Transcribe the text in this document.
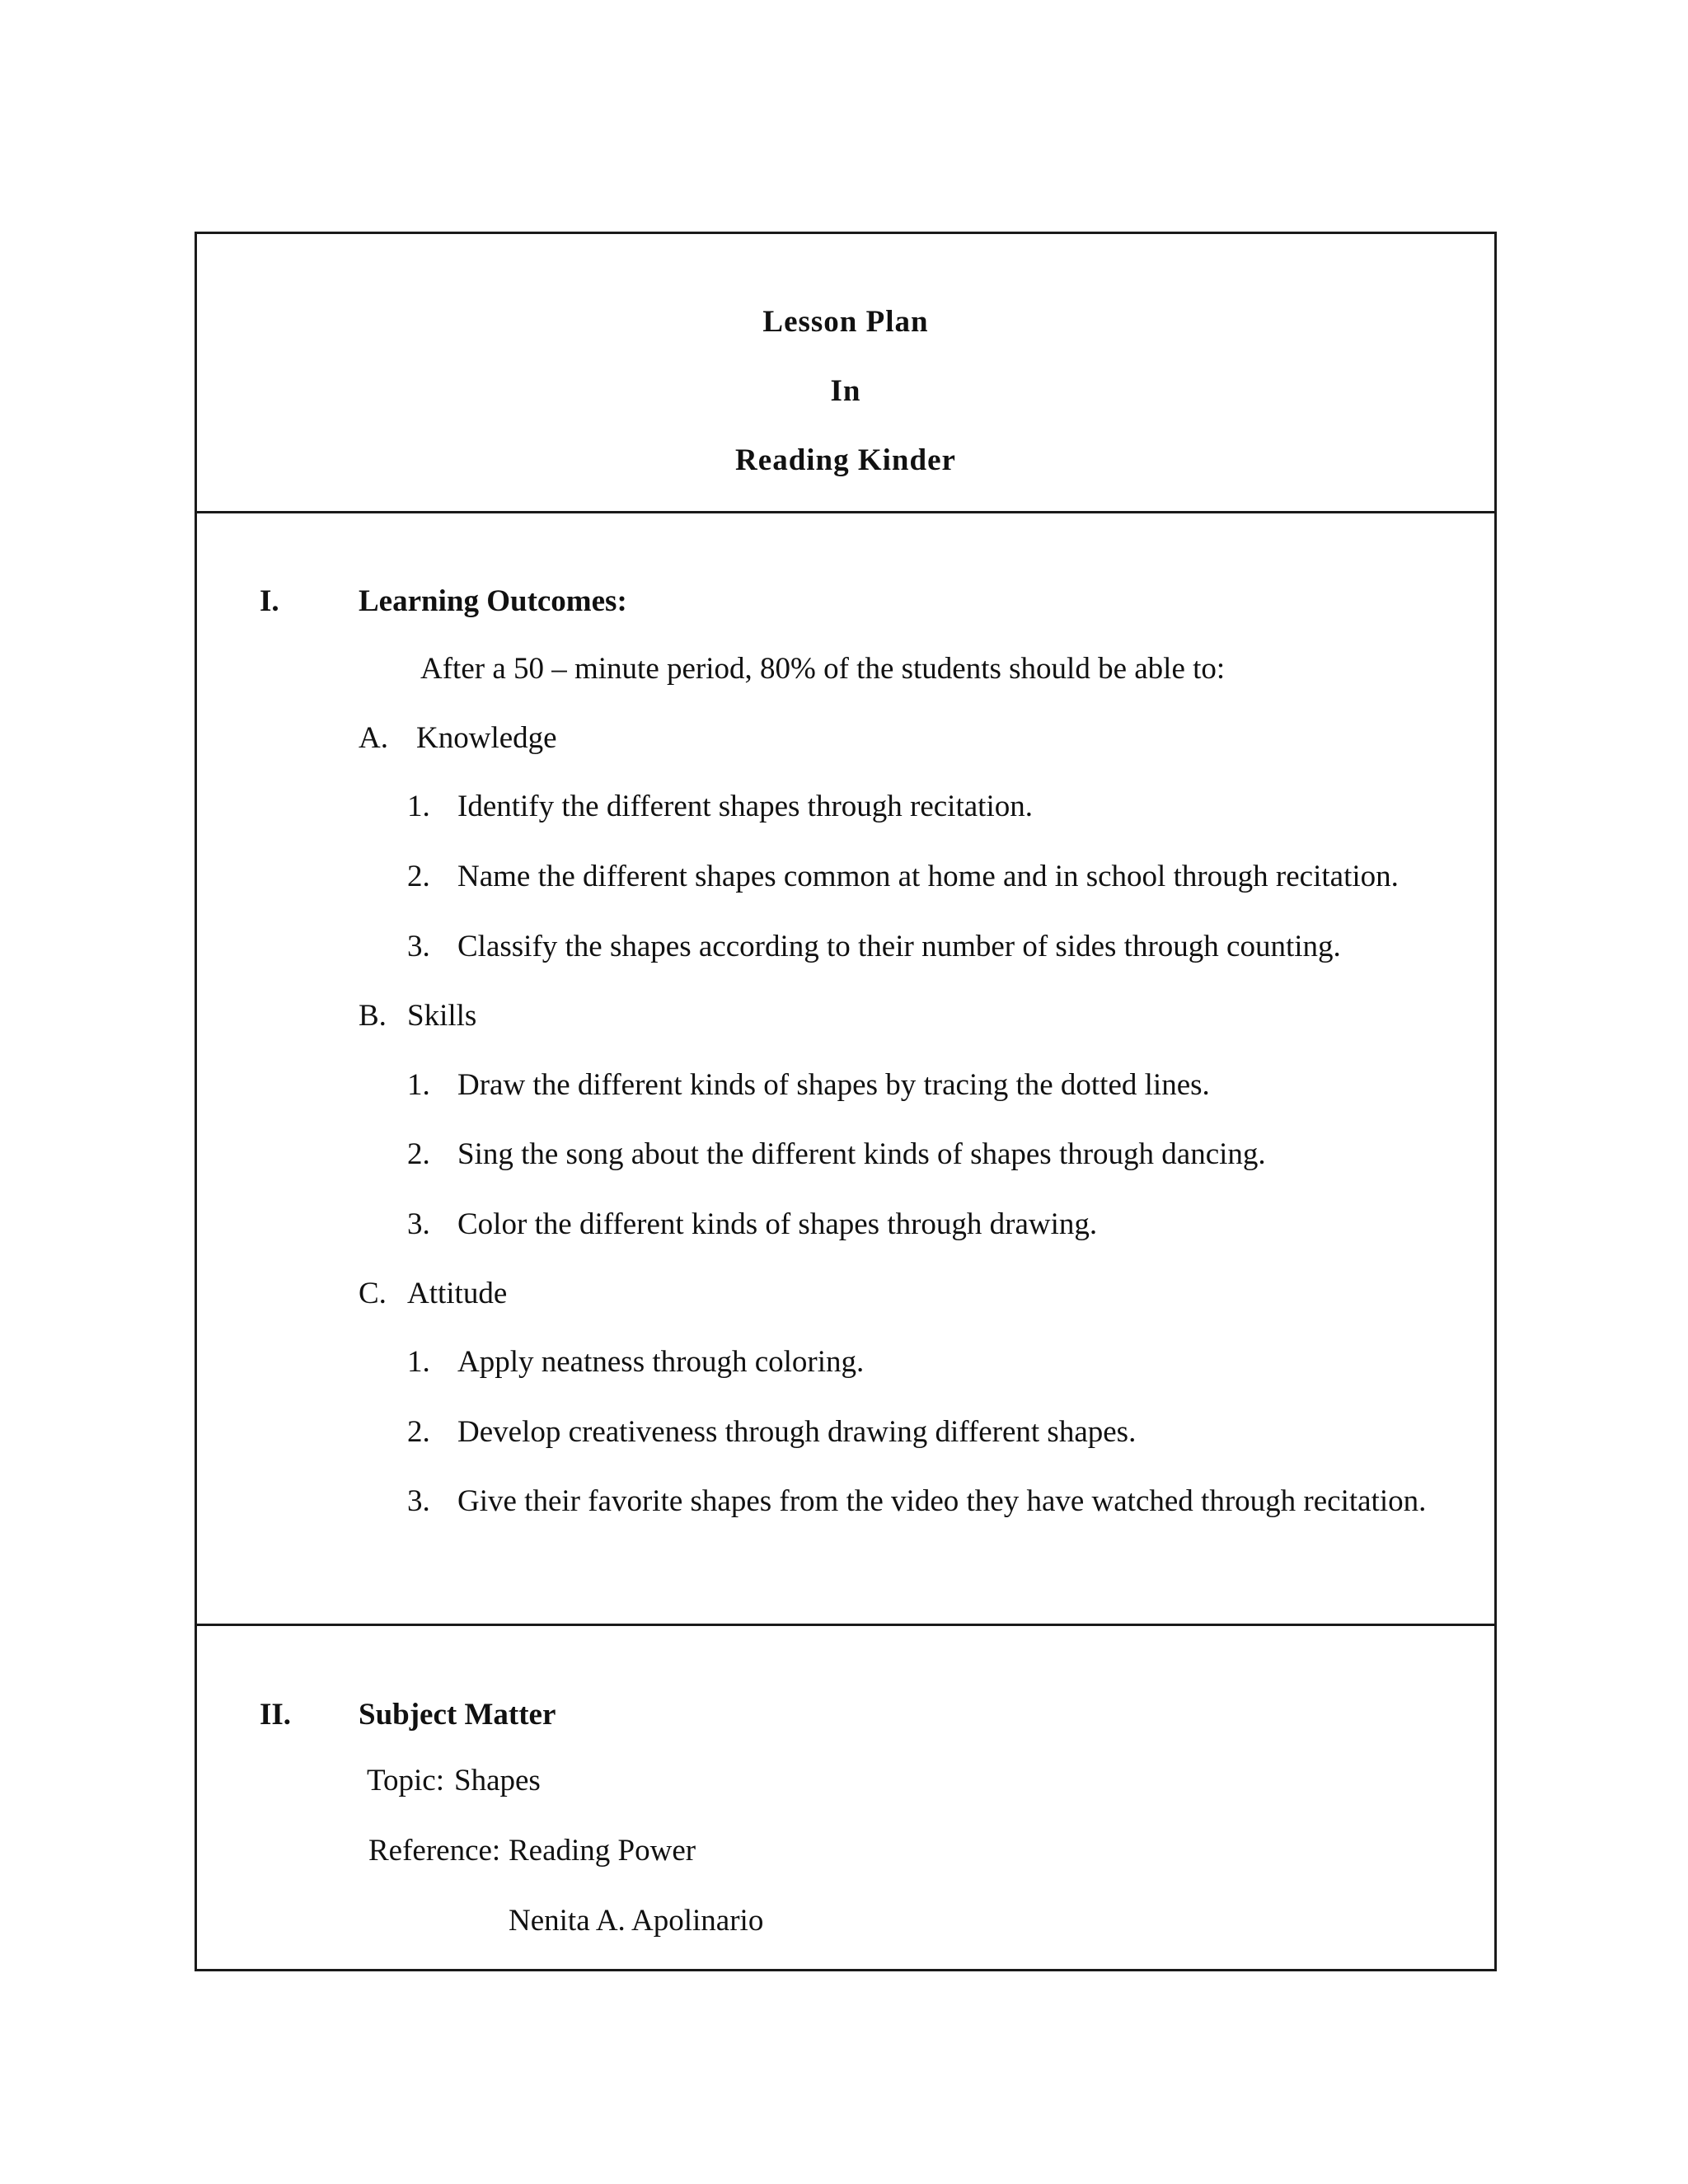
Lesson Plan
In
Reading Kinder
I.	Learning Outcomes:
After a 50 – minute period, 80% of the students should be able to:
A. Knowledge
1. Identify the different shapes through recitation.
2. Name the different shapes common at home and in school through recitation.
3. Classify the shapes according to their number of sides through counting.
B. Skills
1. Draw the different kinds of shapes by tracing the dotted lines.
2. Sing the song about the different kinds of shapes through dancing.
3. Color the different kinds of shapes through drawing.
C. Attitude
1. Apply neatness through coloring.
2. Develop creativeness through drawing different shapes.
3. Give their favorite shapes from the video they have watched through recitation.
II. Subject Matter
Topic: Shapes
Reference: Reading Power
Nenita A. Apolinario
